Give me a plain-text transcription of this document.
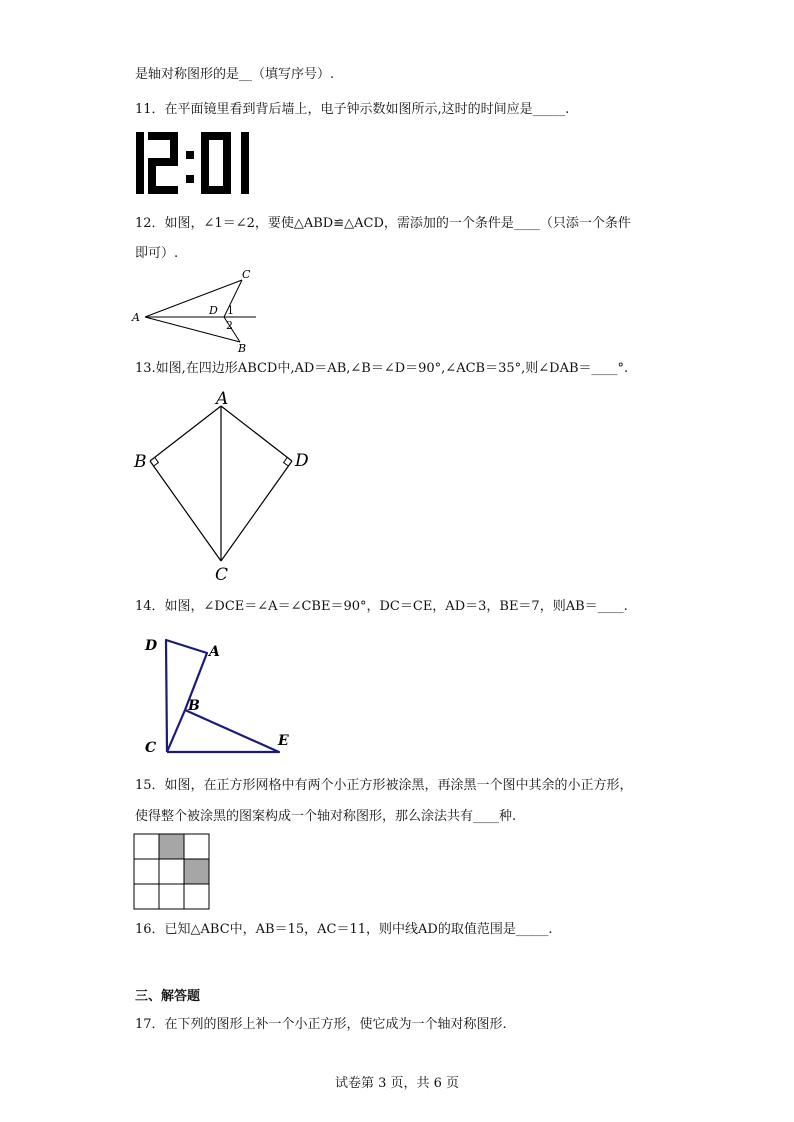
是轴对称图形的是__（填写序号）.
11．在平面镜里看到背后墙上，电子钟示数如图所示,这时的时间应是_____.
12．如图，∠1＝∠2，要使△ABD≌△ACD，需添加的一个条件是____（只添一个条件
即可）.
A
C
D 1
2
B
13.如图,在四边形ABCD中,AD＝AB,∠B＝∠D＝90°,∠ACB＝35°,则∠DAB＝____°.
A
B	D
C
14．如图，∠DCE＝∠A＝∠CBE＝90°，DC＝CE，AD＝3，BE＝7，则AB＝____.
D	A
B
C	E
15．如图，在正方形网格中有两个小正方形被涂黑，再涂黑一个图中其余的小正方形，
使得整个被涂黑的图案构成一个轴对称图形，那么涂法共有____种.
16．已知△ABC中，AB＝15，AC＝11，则中线AD的取值范围是_____.
三、解答题
17．在下列的图形上补一个小正方形，使它成为一个轴对称图形.
试卷第 3 页，共 6 页
